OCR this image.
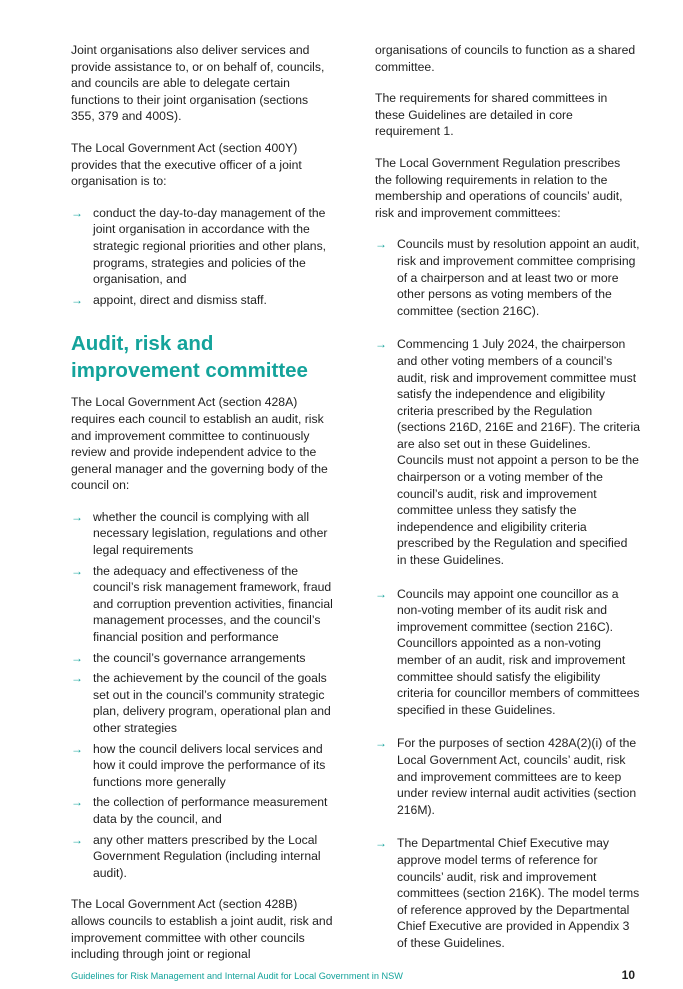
Joint organisations also deliver services and provide assistance to, or on behalf of, councils, and councils are able to delegate certain functions to their joint organisation (sections 355, 379 and 400S).

The Local Government Act (section 400Y) provides that the executive officer of a joint organisation is to:

→ conduct the day-to-day management of the joint organisation in accordance with the strategic regional priorities and other plans, programs, strategies and policies of the organisation, and
→ appoint, direct and dismiss staff.
Audit, risk and improvement committee

The Local Government Act (section 428A) requires each council to establish an audit, risk and improvement committee to continuously review and provide independent advice to the general manager and the governing body of the council on:

→ whether the council is complying with all necessary legislation, regulations and other legal requirements
→ the adequacy and effectiveness of the council’s risk management framework, fraud and corruption prevention activities, financial management processes, and the council’s financial position and performance
→ the council’s governance arrangements
→ the achievement by the council of the goals set out in the council’s community strategic plan, delivery program, operational plan and other strategies
→ how the council delivers local services and how it could improve the performance of its functions more generally
→ the collection of performance measurement data by the council, and
→ any other matters prescribed by the Local Government Regulation (including internal audit).

The Local Government Act (section 428B) allows councils to establish a joint audit, risk and improvement committee with other councils including through joint or regional

organisations of councils to function as a shared committee.

The requirements for shared committees in these Guidelines are detailed in core requirement 1.

The Local Government Regulation prescribes the following requirements in relation to the membership and operations of councils’ audit, risk and improvement committees:

→ Councils must by resolution appoint an audit, risk and improvement committee comprising of a chairperson and at least two or more other persons as voting members of the committee (section 216C).
→ Commencing 1 July 2024, the chairperson and other voting members of a council’s audit, risk and improvement committee must satisfy the independence and eligibility criteria prescribed by the Regulation (sections 216D, 216E and 216F). The criteria are also set out in these Guidelines. Councils must not appoint a person to be the chairperson or a voting member of the council’s audit, risk and improvement committee unless they satisfy the independence and eligibility criteria prescribed by the Regulation and specified in these Guidelines.
→ Councils may appoint one councillor as a non-voting member of its audit risk and improvement committee (section 216C). Councillors appointed as a non-voting member of an audit, risk and improvement committee should satisfy the eligibility criteria for councillor members of committees specified in these Guidelines.
→ For the purposes of section 428A(2)(i) of the Local Government Act, councils’ audit, risk and improvement committees are to keep under review internal audit activities (section 216M).
→ The Departmental Chief Executive may approve model terms of reference for councils’ audit, risk and improvement committees (section 216K). The model terms of reference approved by the Departmental Chief Executive are provided in Appendix 3 of these Guidelines.
Guidelines for Risk Management and Internal Audit for Local Government in NSW	10
